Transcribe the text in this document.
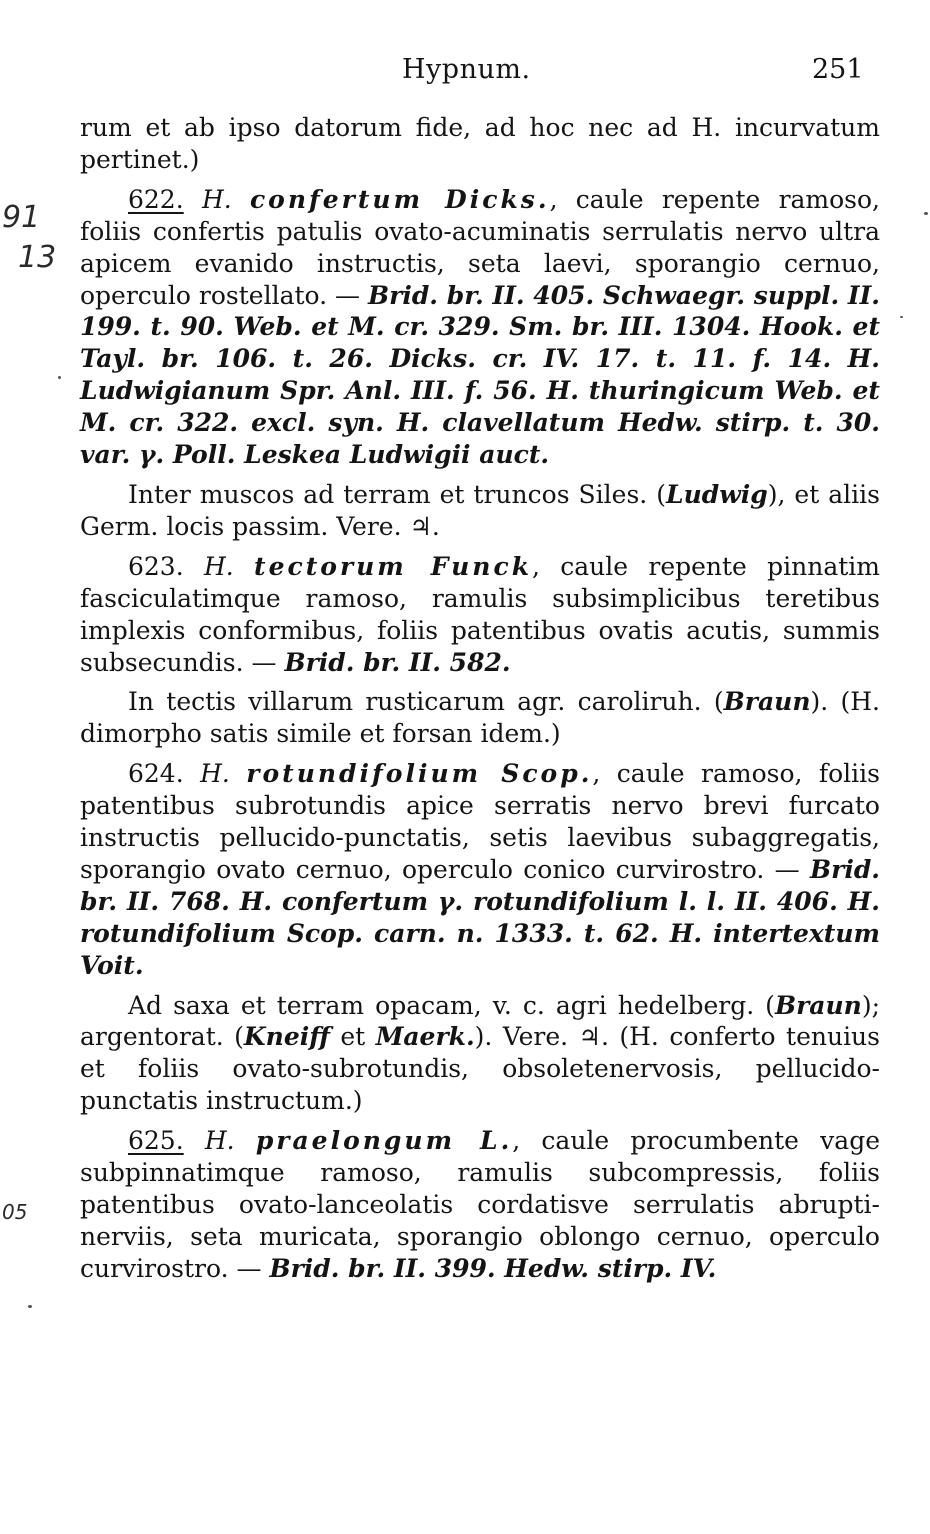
Hypnum.	251
91
13
05

rum et ab ipso datorum fide, ad hoc nec ad H. incurvatum pertinet.)

622. H. confertum Dicks., caule repente ramoso, foliis confertis patulis ovato-acuminatis serrulatis nervo ultra apicem evanido instructis, seta laevi, sporangio cernuo, operculo rostellato. — Brid. br. II. 405. Schwaegr. suppl. II. 199. t. 90. Web. et M. cr. 329. Sm. br. III. 1304. Hook. et Tayl. br. 106. t. 26. Dicks. cr. IV. 17. t. 11. f. 14. H. Ludwigianum Spr. Anl. III. f. 56. H. thuringicum Web. et M. cr. 322. excl. syn. H. clavellatum Hedw. stirp. t. 30. var. γ. Poll. Leskea Ludwigii auct.

Inter muscos ad terram et truncos Siles. (Ludwig), et aliis Germ. locis passim. Vere. ♃.

623. H. tectorum Funck, caule repente pinnatim fasciculatimque ramoso, ramulis subsimplicibus teretibus implexis conformibus, foliis patentibus ovatis acutis, summis subsecundis. — Brid. br. II. 582.

In tectis villarum rusticarum agr. caroliruh. (Braun). (H. dimorpho satis simile et forsan idem.)

624. H. rotundifolium Scop., caule ramoso, foliis patentibus subrotundis apice serratis nervo brevi furcato instructis pellucido-punctatis, setis laevibus subaggregatis, sporangio ovato cernuo, operculo conico curvirostro. — Brid. br. II. 768. H. confertum γ. rotundifolium l. l. II. 406. H. rotundifolium Scop. carn. n. 1333. t. 62. H. intertextum Voit.

Ad saxa et terram opacam, v. c. agri hedelberg. (Braun); argentorat. (Kneiff et Maerk.). Vere. ♃. (H. conferto tenuius et foliis ovato-subrotundis, obsoletenervosis, pellucido-punctatis instructum.)

625. H. praelongum L., caule procumbente vage subpinnatimque ramoso, ramulis subcompressis, foliis patentibus ovato-lanceolatis cordatisve serrulatis abrupti-nerviis, seta muricata, sporangio oblongo cernuo, operculo curvirostro. — Brid. br. II. 399. Hedw. stirp. IV.
